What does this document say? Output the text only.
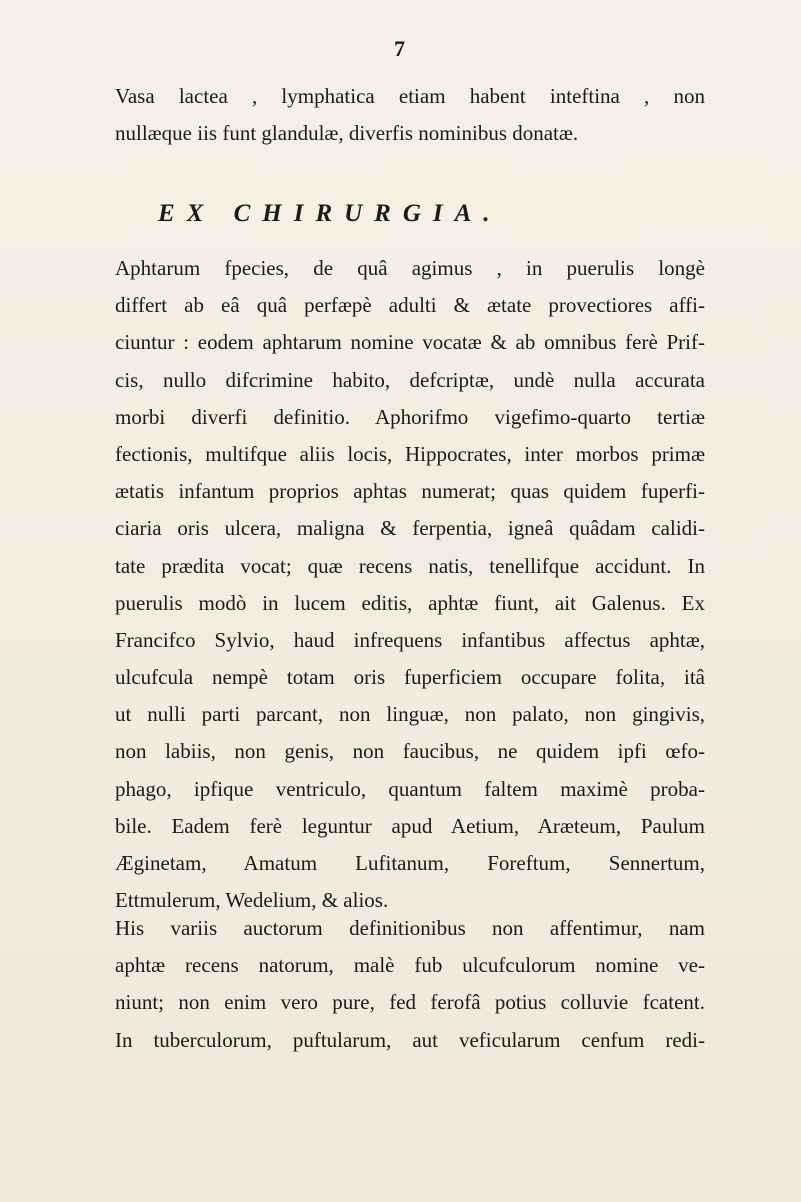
7
Vasa lactea , lymphatica etiam habent inteftina , non
nullæque iis funt glandulæ, diverfis nominibus donatæ.
EX CHIRURGIA.
Aphtarum fpecies, de quâ agimus , in puerulis longè
differt ab eâ quâ perfæpè adulti & ætate provectiores affi-
ciuntur : eodem aphtarum nomine vocatæ & ab omnibus ferè Prif-
cis, nullo difcrimine habito, defcriptæ, undè nulla accurata
morbi diverfi definitio. Aphorifmo vigefimo-quarto tertiæ
fectionis, multifque aliis locis, Hippocrates, inter morbos primæ
ætatis infantum proprios aphtas numerat; quas quidem fuperfi-
ciaria oris ulcera, maligna & ferpentia, igneâ quâdam calidi-
tate prædita vocat; quæ recens natis, tenellifque accidunt. In
puerulis modò in lucem editis, aphtæ fiunt, ait Galenus. Ex
Francifco Sylvio, haud infrequens infantibus affectus aphtæ,
ulcufcula nempè totam oris fuperficiem occupare folita, itâ
ut nulli parti parcant, non linguæ, non palato, non gingivis,
non labiis, non genis, non faucibus, ne quidem ipfi œfo-
phago, ipfique ventriculo, quantum faltem maximè proba-
bile. Eadem ferè leguntur apud Aetium, Aræteum, Paulum
Æginetam, Amatum Lufitanum, Foreftum, Sennertum,
Ettmulerum, Wedelium, & alios.
His variis auctorum definitionibus non affentimur, nam
aphtæ recens natorum, malè fub ulcufculorum nomine ve-
niunt; non enim vero pure, fed ferofâ potius colluvie fcatent.
In tuberculorum, puftularum, aut veficularum cenfum redi-
